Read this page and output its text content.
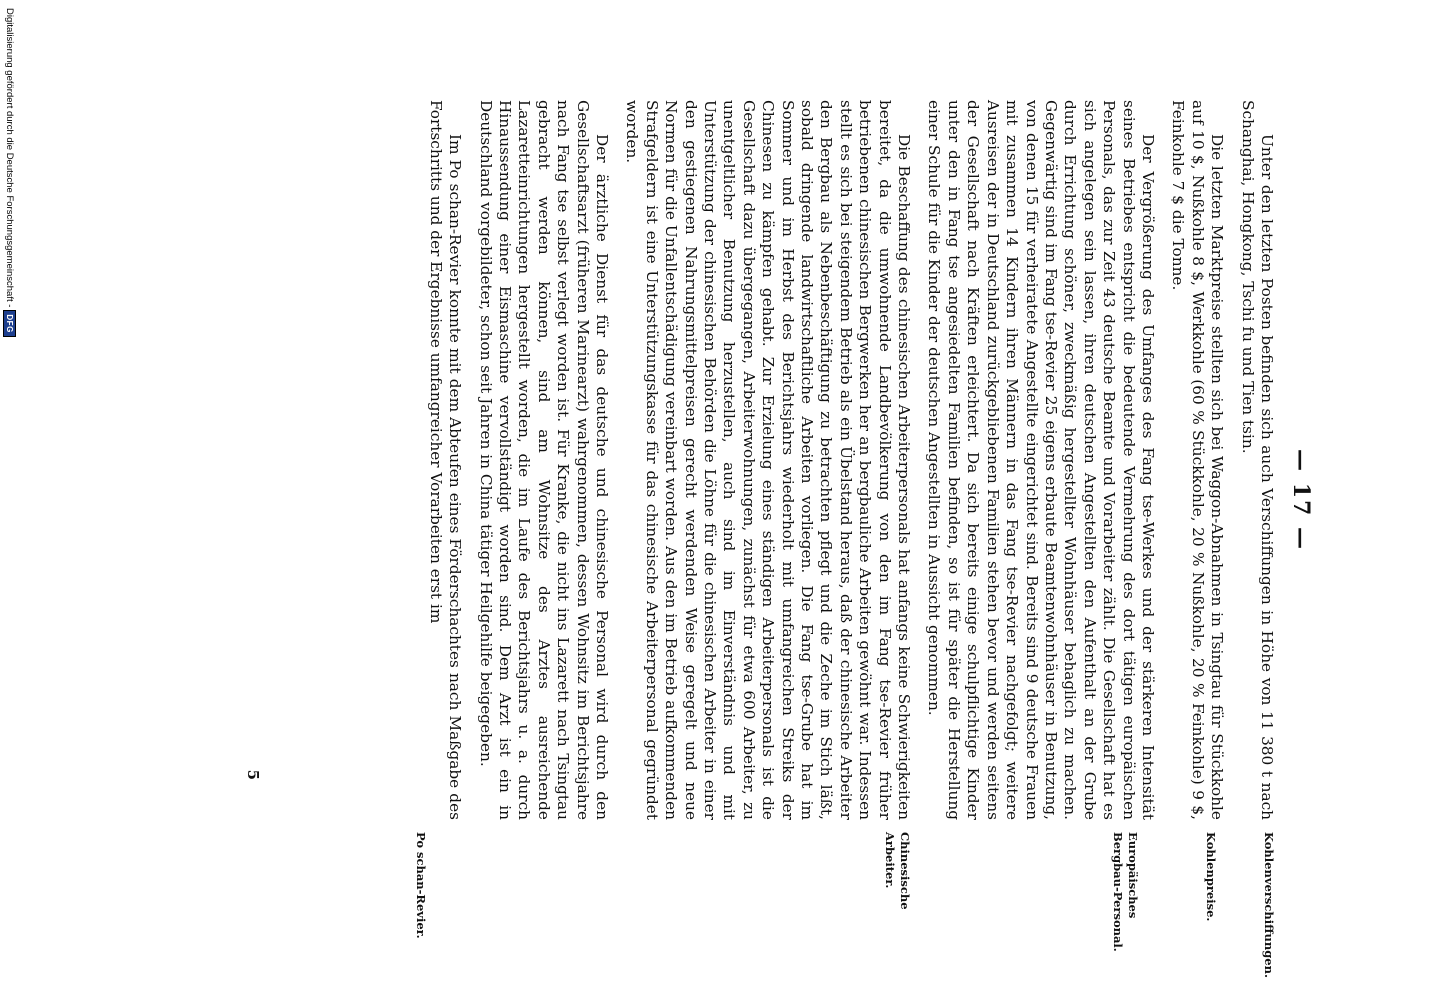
— 17 —

Unter den letzten Posten befinden sich auch Verschiffungen in Höhe von 11 380 t nach Schanghai, Hongkong, Tschi fu und Tien tsin.

Die letzten Marktpreise stellten sich bei Waggon-Abnahmen in Tsingtau für Stückkohle auf 10 $, Nußkohle 8 $, Werkkohle (60 % Stückkohle, 20 % Nußkohle, 20 % Feinkohle) 9 $, Feinkohle 7 $ die Tonne.

Der Vergrößerung des Umfanges des Fang tse-Werkes und der stärkeren Intensität seines Betriebes entspricht die bedeutende Vermehrung des dort tätigen europäischen Personals, das zur Zeit 43 deutsche Beamte und Vorarbeiter zählt. Die Gesellschaft hat es sich angelegen sein lassen, ihren deutschen Angestellten den Aufenthalt an der Grube durch Errichtung schöner, zweckmäßig hergestellter Wohnhäuser behaglich zu machen. Gegenwärtig sind im Fang tse-Revier 25 eigens erbaute Beamtenwohnhäuser in Benutzung, von denen 15 für verheiratete Angestellte eingerichtet sind. Bereits sind 9 deutsche Frauen mit zusammen 14 Kindern ihren Männern in das Fang tse-Revier nachgefolgt; weitere Ausreisen der in Deutschland zurückgebliebenen Familien stehen bevor und werden seitens der Gesellschaft nach Kräften erleichtert. Da sich bereits einige schulpflichtige Kinder unter den in Fang tse angesiedelten Familien befinden, so ist für später die Herstellung einer Schule für die Kinder der deutschen Angestellten in Aussicht genommen.

Die Beschaffung des chinesischen Arbeiterpersonals hat anfangs keine Schwierigkeiten bereitet, da die umwohnende Landbevölkerung von den im Fang tse-Revier früher betriebenen chinesischen Bergwerken her an bergbauliche Arbeiten gewöhnt war. Indessen stellt es sich bei steigendem Betrieb als ein Übelstand heraus, daß der chinesische Arbeiter den Bergbau als Nebenbeschäftigung zu betrachten pflegt und die Zeche im Stich läßt, sobald dringende landwirtschaftliche Arbeiten vorliegen. Die Fang tse-Grube hat im Sommer und im Herbst des Berichtsjahrs wiederholt mit umfangreichen Streiks der Chinesen zu kämpfen gehabt. Zur Erzielung eines ständigen Arbeiterpersonals ist die Gesellschaft dazu übergegangen, Arbeiterwohnungen, zunächst für etwa 600 Arbeiter, zu unentgeltlicher Benutzung herzustellen, auch sind im Einverständnis und mit Unterstützung der chinesischen Behörden die Löhne für die chinesischen Arbeiter in einer den gestiegenen Nahrungsmittelpreisen gerecht werdenden Weise geregelt und neue Normen für die Unfallentschädigung vereinbart worden. Aus den im Betrieb aufkommenden Strafgeldern ist eine Unterstützungskasse für das chinesische Arbeiterpersonal gegründet worden.

Der ärztliche Dienst für das deutsche und chinesische Personal wird durch den Gesellschaftsarzt (früheren Marinearzt) wahrgenommen, dessen Wohnsitz im Berichtsjahre nach Fang tse selbst verlegt worden ist. Für Kranke, die nicht ins Lazarett nach Tsingtau gebracht werden können, sind am Wohnsitze des Arztes ausreichende Lazaretteinrichtungen hergestellt worden, die im Laufe des Berichtsjahrs u. a. durch Hinaussendung einer Eismaschine vervollständigt worden sind. Dem Arzt ist ein in Deutschland vorgebildeter, schon seit Jahren in China tätiger Heilgehilfe beigegeben.

Im Po schan-Revier konnte mit dem Abteufen eines Förderschachtes nach Maßgabe des Fortschritts und der Ergebnisse umfangreicher Vorarbeiten erst im

Kohlenverschiffungen.
Kohlenpreise.
Europäisches Bergbau-Personal.
Chinesische Arbeiter.
Po schan-Revier.
5
Digitalisierung gefördert durch die Deutsche Forschungsgemeinschaft -
DFG
